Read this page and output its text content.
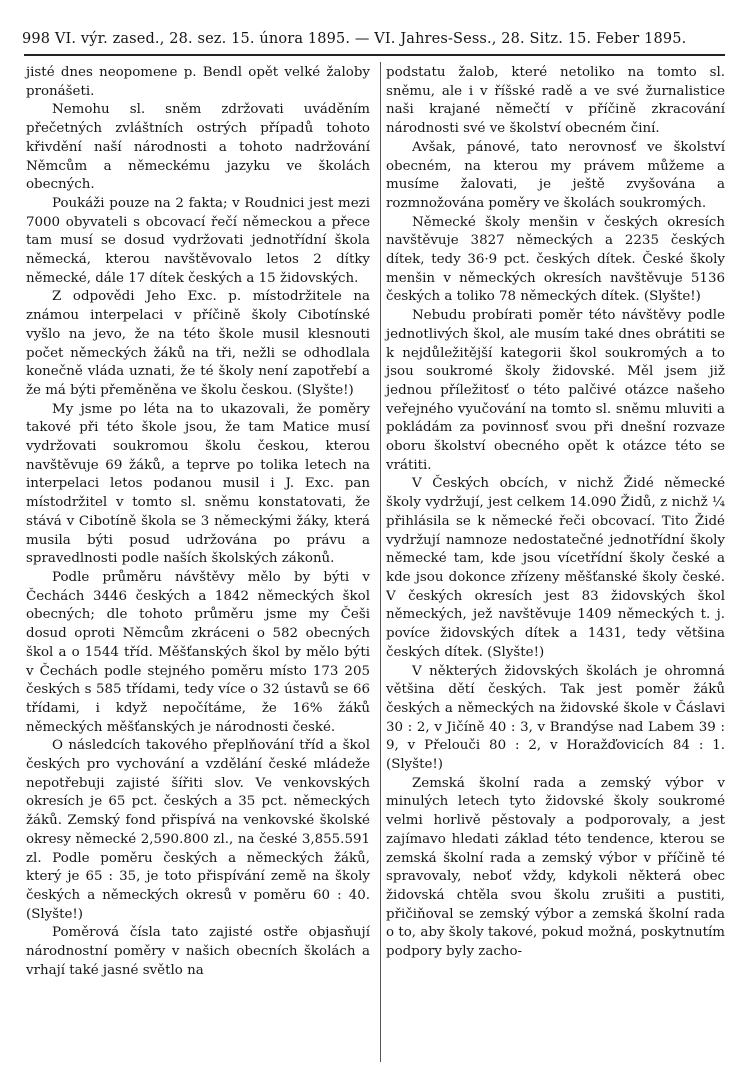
998 VI. výr. zased., 28. sez. 15. února 1895. — VI. Jahres-Sess., 28. Sitz. 15. Feber 1895.

jisté dnes neopomene p. Bendl opět velké žaloby pronášeti.

Nemohu sl. sněm zdržovati uváděním přečetných zvláštních ostrých případů tohoto křivdění naší národnosti a tohoto nadržování Němcům a německému jazyku ve školách obecných.

Poukáži pouze na 2 fakta; v Roudnici jest mezi 7000 obyvateli s obcovací řečí německou a přece tam musí se dosud vydržovati jednotřídní škola německá, kterou navštěvovalo letos 2 dítky německé, dále 17 dítek českých a 15 židovských.

Z odpovědi Jeho Exc. p. místodržitele na známou interpelaci v příčině školy Cibotínské vyšlo na jevo, že na této škole musil klesnouti počet německých žáků na tři, nežli se odhodlala konečně vláda uznati, že té školy není zapotřebí a že má býti přeměněna ve školu českou. (Slyšte!)

My jsme po léta na to ukazovali, že poměry takové při této škole jsou, že tam Matice musí vydržovati soukromou školu českou, kterou navštěvuje 69 žáků, a teprve po tolika letech na interpelaci letos podanou musil i J. Exc. pan místodržitel v tomto sl. sněmu konstatovati, že stává v Cibotíně škola se 3 německými žáky, která musila býti posud udržována po právu a spravedlnosti podle naších školských zákonů.

Podle průměru návštěvy mělo by býti v Čechách 3446 českých a 1842 německých škol obecných; dle tohoto průměru jsme my Češi dosud oproti Němcům zkráceni o 582 obecných škol a o 1544 tříd. Měšťanských škol by mělo býti v Čechách podle stejného poměru místo 173 205 českých s 585 třídami, tedy více o 32 ústavů se 66 třídami, i když nepočítáme, že 16% žáků německých měšťanských je národnosti české.

O následcích takového přeplňování tříd a škol českých pro vychování a vzdělání české mládeže nepotřebuji zajisté šířiti slov. Ve venkovských okresích je 65 pct. českých a 35 pct. německých žáků. Zemský fond přispívá na venkovské školské okresy německé 2,590.800 zl., na české 3,855.591 zl. Podle poměru českých a německých žáků, který je 65 : 35, je toto přispívání země na školy českých a německých okresů v poměru 60 : 40. (Slyšte!)

Poměrová čísla tato zajisté ostře objasňují národnostní poměry v našich obecních školách a vrhají také jasné světlo na

podstatu žalob, které netoliko na tomto sl. sněmu, ale i v říšské radě a ve své žurnalistice naši krajané němečtí v příčině zkracování národnosti své ve školství obecném činí.

Avšak, pánové, tato nerovnosť ve školství obecném, na kterou my právem můžeme a musíme žalovati, je ještě zvyšována a rozmnožována poměry ve školách soukromých.

Německé školy menšin v českých okresích navštěvuje 3827 německých a 2235 českých dítek, tedy 36·9 pct. českých dítek. České školy menšin v německých okresích navštěvuje 5136 českých a toliko 78 německých dítek. (Slyšte!)

Nebudu probírati poměr této návštěvy podle jednotlivých škol, ale musím také dnes obrátiti se k nejdůležitější kategorii škol soukromých a to jsou soukromé školy židovské. Měl jsem již jednou příležitosť o této palčivé otázce našeho veřejného vyučování na tomto sl. sněmu mluviti a pokládám za povinnosť svou při dnešní rozvaze oboru školství obecného opět k otázce této se vrátiti.

V Českých obcích, v nichž Židé německé školy vydržují, jest celkem 14.090 Židů, z nichž ¼ přihlásila se k německé řeči obcovací. Tito Židé vydržují namnoze nedostatečné jednotřídní školy německé tam, kde jsou vícetřídní školy české a kde jsou dokonce zřízeny měšťanské školy české. V českých okresích jest 83 židovských škol německých, jež navštěvuje 1409 německých t. j. povíce židovských dítek a 1431, tedy většina českých dítek. (Slyšte!)

V některých židovských školách je ohromná většina dětí českých. Tak jest poměr žáků českých a německých na židovské škole v Čáslavi 30 : 2, v Jičíně 40 : 3, v Brandýse nad Labem 39 : 9, v Přelouči 80 : 2, v Horažďovicích 84 : 1. (Slyšte!)

Zemská školní rada a zemský výbor v minulých letech tyto židovské školy soukromé velmi horlivě pěstovaly a podporovaly, a jest zajímavo hledati základ této tendence, kterou se zemská školní rada a zemský výbor v příčině té spravovaly, neboť vždy, kdykoli některá obec židovská chtěla svou školu zrušiti a pustiti, přičiňoval se zemský výbor a zemská školní rada o to, aby školy takové, pokud možná, poskytnutím podpory byly zacho-
